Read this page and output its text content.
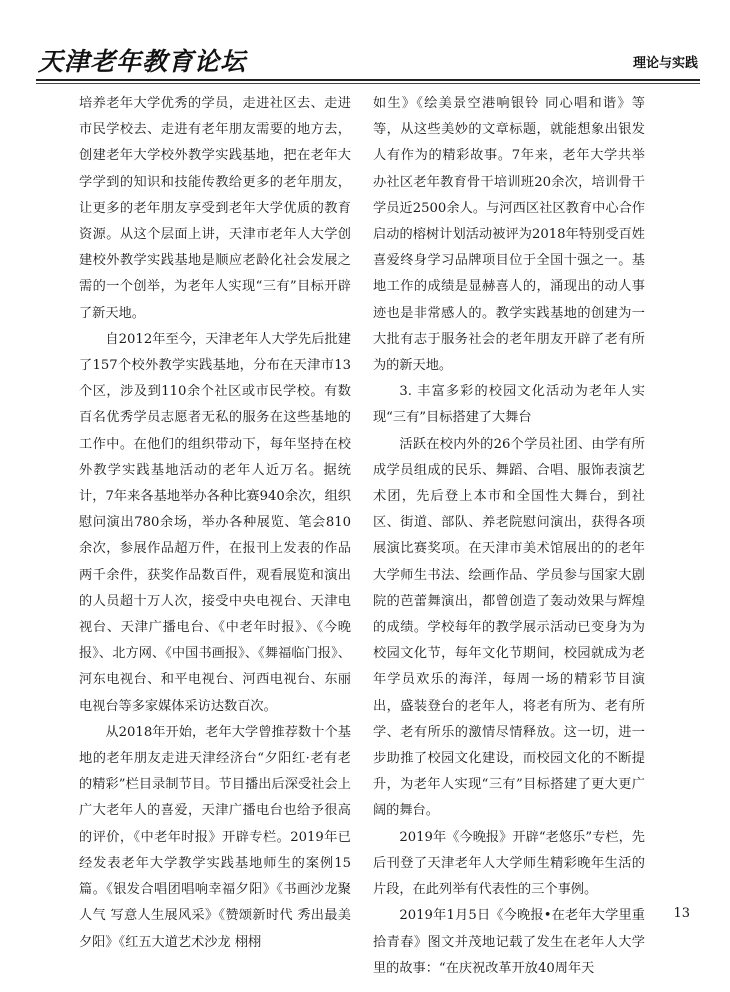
天津老年教育论坛	理论与实践

培养老年大学优秀的学员，走进社区去、走进市民学校去、走进有老年朋友需要的地方去，创建老年大学校外教学实践基地，把在老年大学学到的知识和技能传教给更多的老年朋友，让更多的老年朋友享受到老年大学优质的教育资源。从这个层面上讲，天津市老年人大学创建校外教学实践基地是顺应老龄化社会发展之需的一个创举，为老年人实现“三有”目标开辟了新天地。

自2012年至今，天津老年人大学先后批建了157个校外教学实践基地，分布在天津市13个区，涉及到110余个社区或市民学校。有数百名优秀学员志愿者无私的服务在这些基地的工作中。在他们的组织带动下，每年坚持在校外教学实践基地活动的老年人近万名。据统计，7年来各基地举办各种比赛940余次，组织慰问演出780余场，举办各种展览、笔会810余次，参展作品超万件，在报刊上发表的作品两千余件，获奖作品数百件，观看展览和演出的人员超十万人次，接受中央电视台、天津电视台、天津广播电台、《中老年时报》、《今晚报》、北方网、《中国书画报》、《舞福临门报》、河东电视台、和平电视台、河西电视台、东丽电视台等多家媒体采访达数百次。

从2018年开始，老年大学曾推荐数十个基地的老年朋友走进天津经济台“夕阳红·老有老的精彩”栏目录制节目。节目播出后深受社会上广大老年人的喜爱，天津广播电台也给予很高的评价，《中老年时报》开辟专栏。2019年已经发表老年大学教学实践基地师生的案例15篇。《银发合唱团唱响幸福夕阳》《书画沙龙聚人气 写意人生展风采》《赞颂新时代 秀出最美夕阳》《红五大道艺术沙龙 栩栩

如生》《绘美景空港响银铃 同心唱和谐》等等，从这些美妙的文章标题，就能想象出银发人有作为的精彩故事。7年来，老年大学共举办社区老年教育骨干培训班20余次，培训骨干学员近2500余人。与河西区社区教育中心合作启动的榕树计划活动被评为2018年特别受百姓喜爱终身学习品牌项目位于全国十强之一。基地工作的成绩是显赫喜人的，涌现出的动人事迹也是非常感人的。教学实践基地的创建为一大批有志于服务社会的老年朋友开辟了老有所为的新天地。

3. 丰富多彩的校园文化活动为老年人实现“三有”目标搭建了大舞台

活跃在校内外的26个学员社团、由学有所成学员组成的民乐、舞蹈、合唱、服饰表演艺术团，先后登上本市和全国性大舞台，到社区、街道、部队、养老院慰问演出，获得各项展演比赛奖项。在天津市美术馆展出的的老年大学师生书法、绘画作品、学员参与国家大剧院的芭蕾舞演出，都曾创造了轰动效果与辉煌的成绩。学校每年的教学展示活动已变身为为校园文化节，每年文化节期间，校园就成为老年学员欢乐的海洋，每周一场的精彩节目演出，盛装登台的老年人，将老有所为、老有所学、老有所乐的激情尽情释放。这一切，进一步助推了校园文化建设，而校园文化的不断提升，为老年人实现“三有”目标搭建了更大更广阔的舞台。

2019年《今晚报》开辟“老悠乐”专栏，先后刊登了天津老年人大学师生精彩晚年生活的片段，在此列举有代表性的三个事例。

2019年1月5日《今晚报•在老年大学里重拾青春》图文并茂地记载了发生在老年人大学里的故事：“在庆祝改革开放40周年天

13
